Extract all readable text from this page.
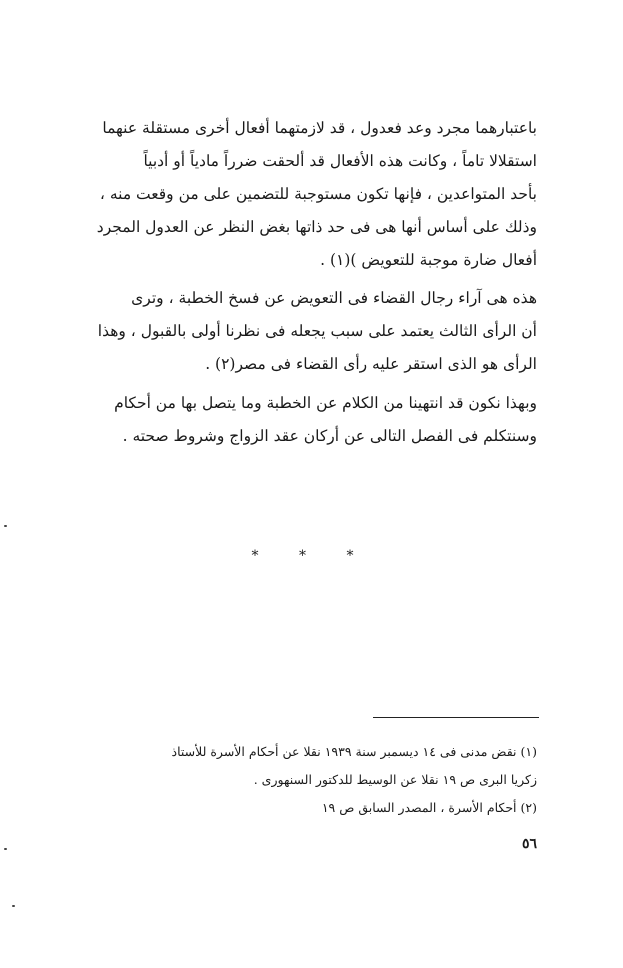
باعتبارهما مجرد وعد فعدول ، قد لازمتهما أفعال أخرى مستقلة عنهما
استقلالا تاماً ، وكانت هذه الأفعال قد ألحقت ضرراً مادياً أو أدبياً
بأحد المتواعدين ، فإنها تكون مستوجبة للتضمين على من وقعت منه ،
وذلك على أساس أنها هى فى حد ذاتها بغض النظر عن العدول المجرد
أفعال ضارة موجبة للتعويض )(١) .
هذه هى آراء رجال القضاء فى التعويض عن فسخ الخطبة ، وترى
أن الرأى الثالث يعتمد على سبب يجعله فى نظرنا أولى بالقبول ، وهذا
الرأى هو الذى استقر عليه رأى القضاء فى مصر(٢) .
وبهذا نكون قد انتهينا من الكلام عن الخطبة وما يتصل بها من أحكام
وسنتكلم فى الفصل التالى عن أركان عقد الزواج وشروط صحته .
* * *
(١) نقض مدنى فى ١٤ ديسمبر سنة ١٩٣٩ نقلا عن أحكام الأسرة للأستاذ
زكريا البرى ص ١٩ نقلا عن الوسيط للدكتور السنهورى .
(٢) أحكام الأسرة ، المصدر السابق ص ١٩
٥٦
